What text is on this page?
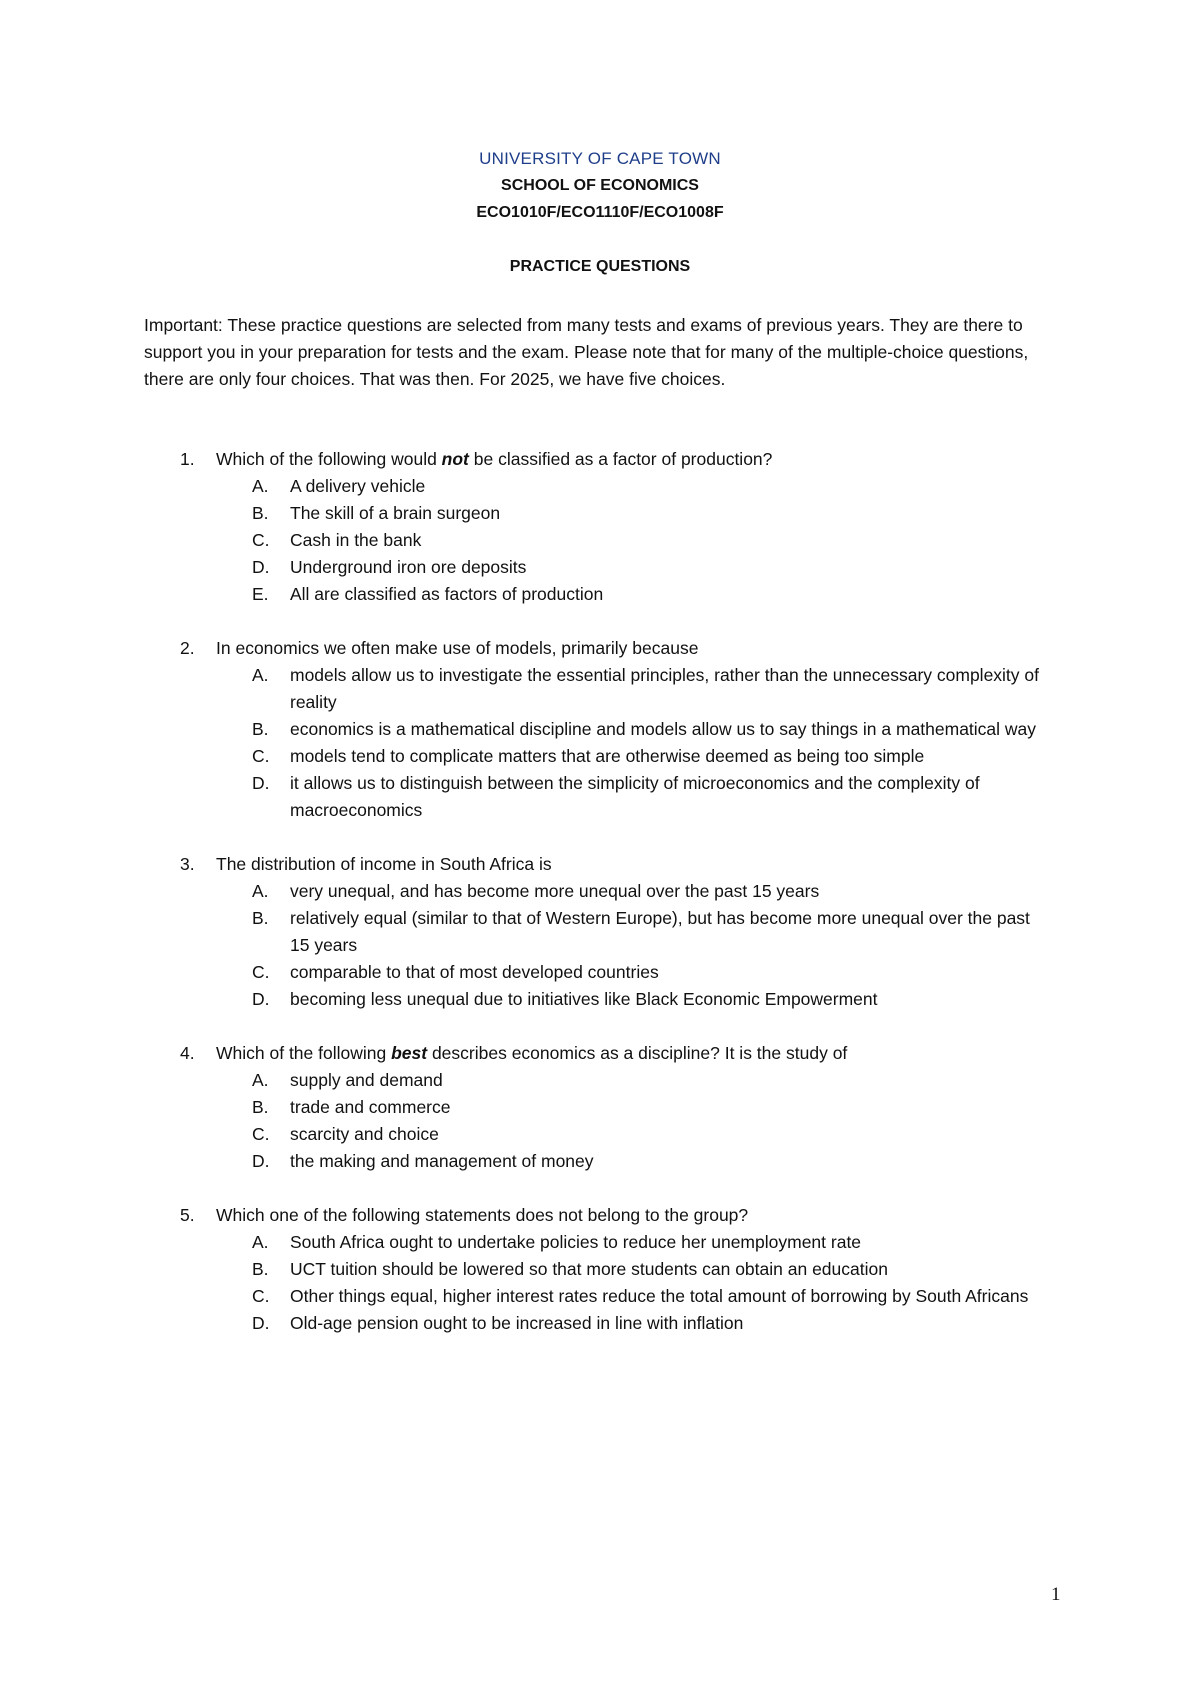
UNIVERSITY OF CAPE TOWN
SCHOOL OF ECONOMICS
ECO1010F/ECO1110F/ECO1008F
PRACTICE QUESTIONS

Important: These practice questions are selected from many tests and exams of previous years. They are there to support you in your preparation for tests and the exam. Please note that for many of the multiple-choice questions, there are only four choices. That was then. For 2025, we have five choices.

1. Which of the following would not be classified as a factor of production?
A. A delivery vehicle
B. The skill of a brain surgeon
C. Cash in the bank
D. Underground iron ore deposits
E. All are classified as factors of production
2. In economics we often make use of models, primarily because
A. models allow us to investigate the essential principles, rather than the unnecessary complexity of reality
B. economics is a mathematical discipline and models allow us to say things in a mathematical way
C. models tend to complicate matters that are otherwise deemed as being too simple
D. it allows us to distinguish between the simplicity of microeconomics and the complexity of macroeconomics
3. The distribution of income in South Africa is
A. very unequal, and has become more unequal over the past 15 years
B. relatively equal (similar to that of Western Europe), but has become more unequal over the past 15 years
C. comparable to that of most developed countries
D. becoming less unequal due to initiatives like Black Economic Empowerment
4. Which of the following best describes economics as a discipline? It is the study of
A. supply and demand
B. trade and commerce
C. scarcity and choice
D. the making and management of money
5. Which one of the following statements does not belong to the group?
A. South Africa ought to undertake policies to reduce her unemployment rate
B. UCT tuition should be lowered so that more students can obtain an education
C. Other things equal, higher interest rates reduce the total amount of borrowing by South Africans
D. Old-age pension ought to be increased in line with inflation
1
